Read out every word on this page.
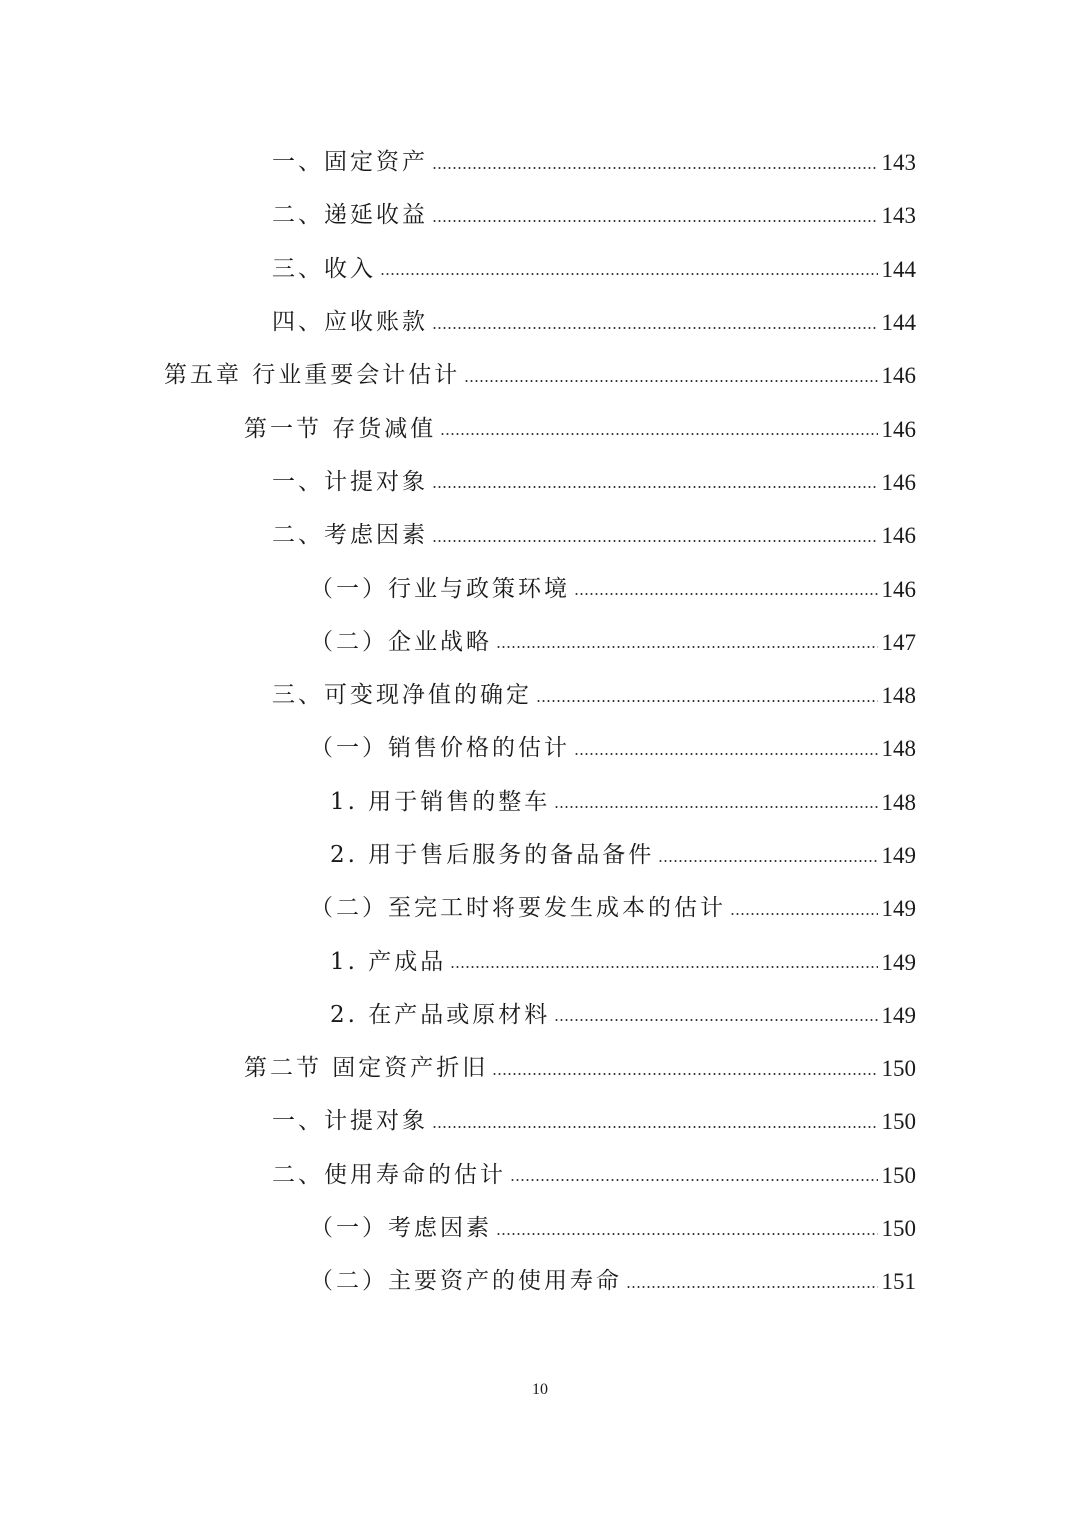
一、固定资产	143
二、递延收益	143
三、收入	144
四、应收账款	144
第五章 行业重要会计估计	146
第一节 存货减值	146
一、计提对象	146
二、考虑因素	146
（一）行业与政策环境	146
（二）企业战略	147
三、可变现净值的确定	148
（一）销售价格的估计	148
1. 用于销售的整车	148
2. 用于售后服务的备品备件	149
（二）至完工时将要发生成本的估计	149
1. 产成品	149
2. 在产品或原材料	149
第二节 固定资产折旧	150
一、计提对象	150
二、使用寿命的估计	150
（一）考虑因素	150
（二）主要资产的使用寿命	151
10
